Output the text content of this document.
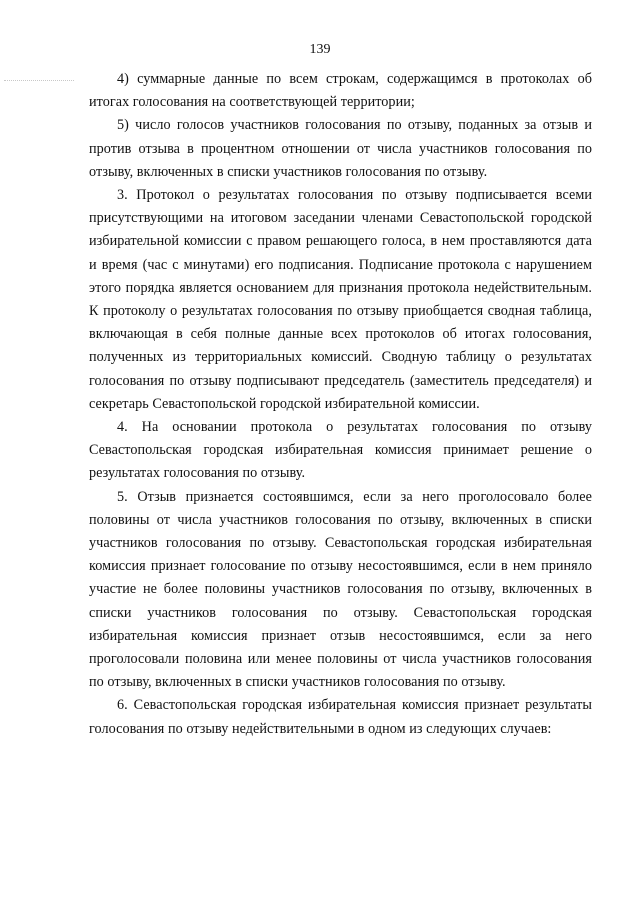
139

4) суммарные данные по всем строкам, содержащимся в протоколах об итогах голосования на соответствующей территории;

5) число голосов участников голосования по отзыву, поданных за отзыв и против отзыва в процентном отношении от числа участников голосования по отзыву, включенных в списки участников голосования по отзыву.

3. Протокол о результатах голосования по отзыву подписывается всеми присутствующими на итоговом заседании членами Севастопольской городской избирательной комиссии с правом решающего голоса, в нем проставляются дата и время (час с минутами) его подписания. Подписание протокола с нарушением этого порядка является основанием для признания протокола недействительным. К протоколу о результатах голосования по отзыву приобщается сводная таблица, включающая в себя полные данные всех протоколов об итогах голосования, полученных из территориальных комиссий. Сводную таблицу о результатах голосования по отзыву подписывают председатель (заместитель председателя) и секретарь Севастопольской городской избирательной комиссии.

4. На основании протокола о результатах голосования по отзыву Севастопольская городская избирательная комиссия принимает решение о результатах голосования по отзыву.

5. Отзыв признается состоявшимся, если за него проголосовало более половины от числа участников голосования по отзыву, включенных в списки участников голосования по отзыву. Севастопольская городская избирательная комиссия признает голосование по отзыву несостоявшимся, если в нем приняло участие не более половины участников голосования по отзыву, включенных в списки участников голосования по отзыву. Севастопольская городская избирательная комиссия признает отзыв несостоявшимся, если за него проголосовали половина или менее половины от числа участников голосования по отзыву, включенных в списки участников голосования по отзыву.

6. Севастопольская городская избирательная комиссия признает результаты голосования по отзыву недействительными в одном из следующих случаев:
